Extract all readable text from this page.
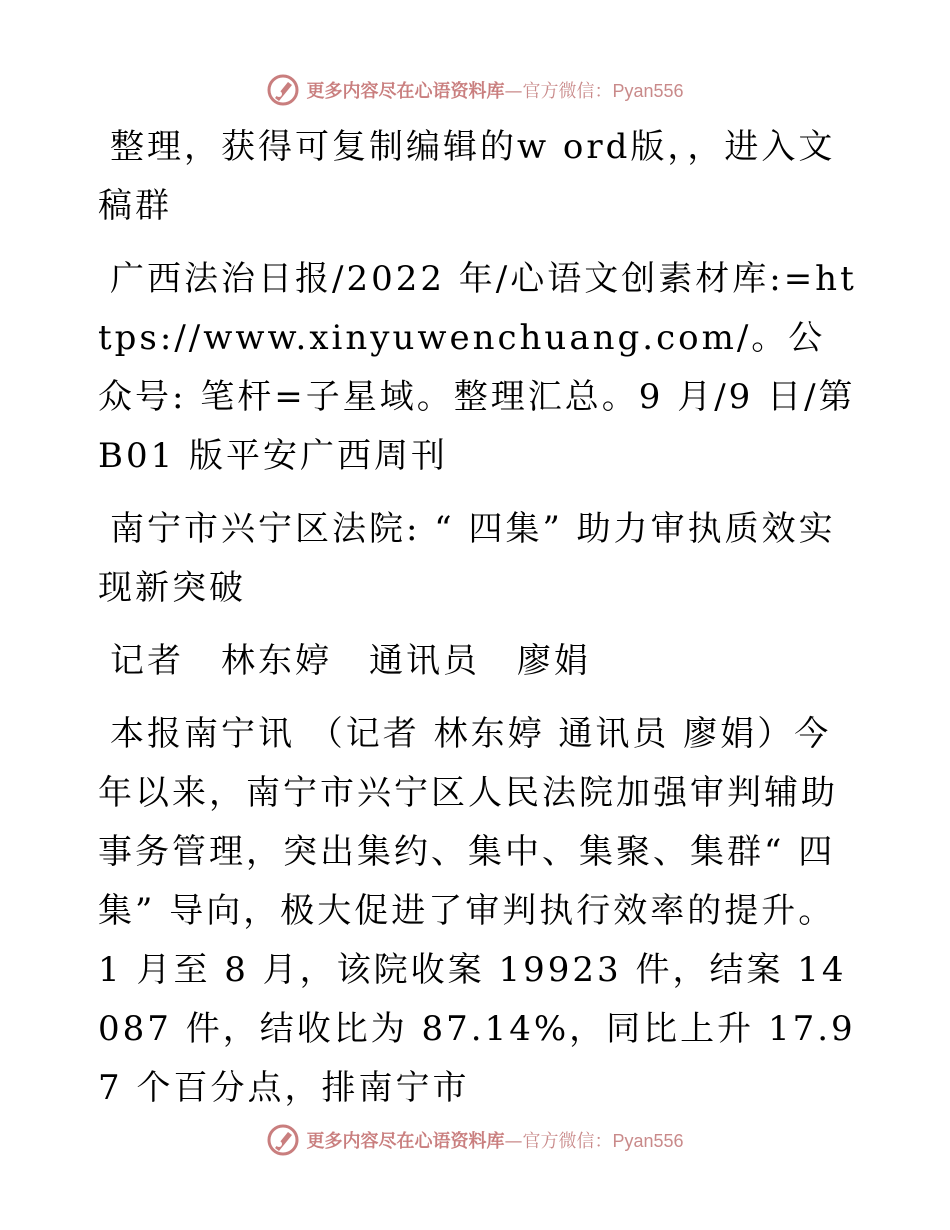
更多内容尽在心语资料库—官方微信：Pyan556

整理，获得可复制编辑的w ord版，，进入文稿群

广西法治日报/2022 年/心语文创素材库:=https://www.xinyuwenchuang.com/。公众号: 笔杆=子星域。整理汇总。9 月/9 日/第 B01 版平安广西周刊

南宁市兴宁区法院: “ 四集” 助力审执质效实现新突破

记者　林东婷　通讯员　廖娟

本报南宁讯 （记者 林东婷 通讯员 廖娟）今年以来，南宁市兴宁区人民法院加强审判辅助事务管理，突出集约、集中、集聚、集群“ 四集” 导向，极大促进了审判执行效率的提升。1 月至 8 月，该院收案 19923 件，结案 14087 件，结收比为 87.14%，同比上升 17.97 个百分点，排南宁市

更多内容尽在心语资料库—官方微信：Pyan556
